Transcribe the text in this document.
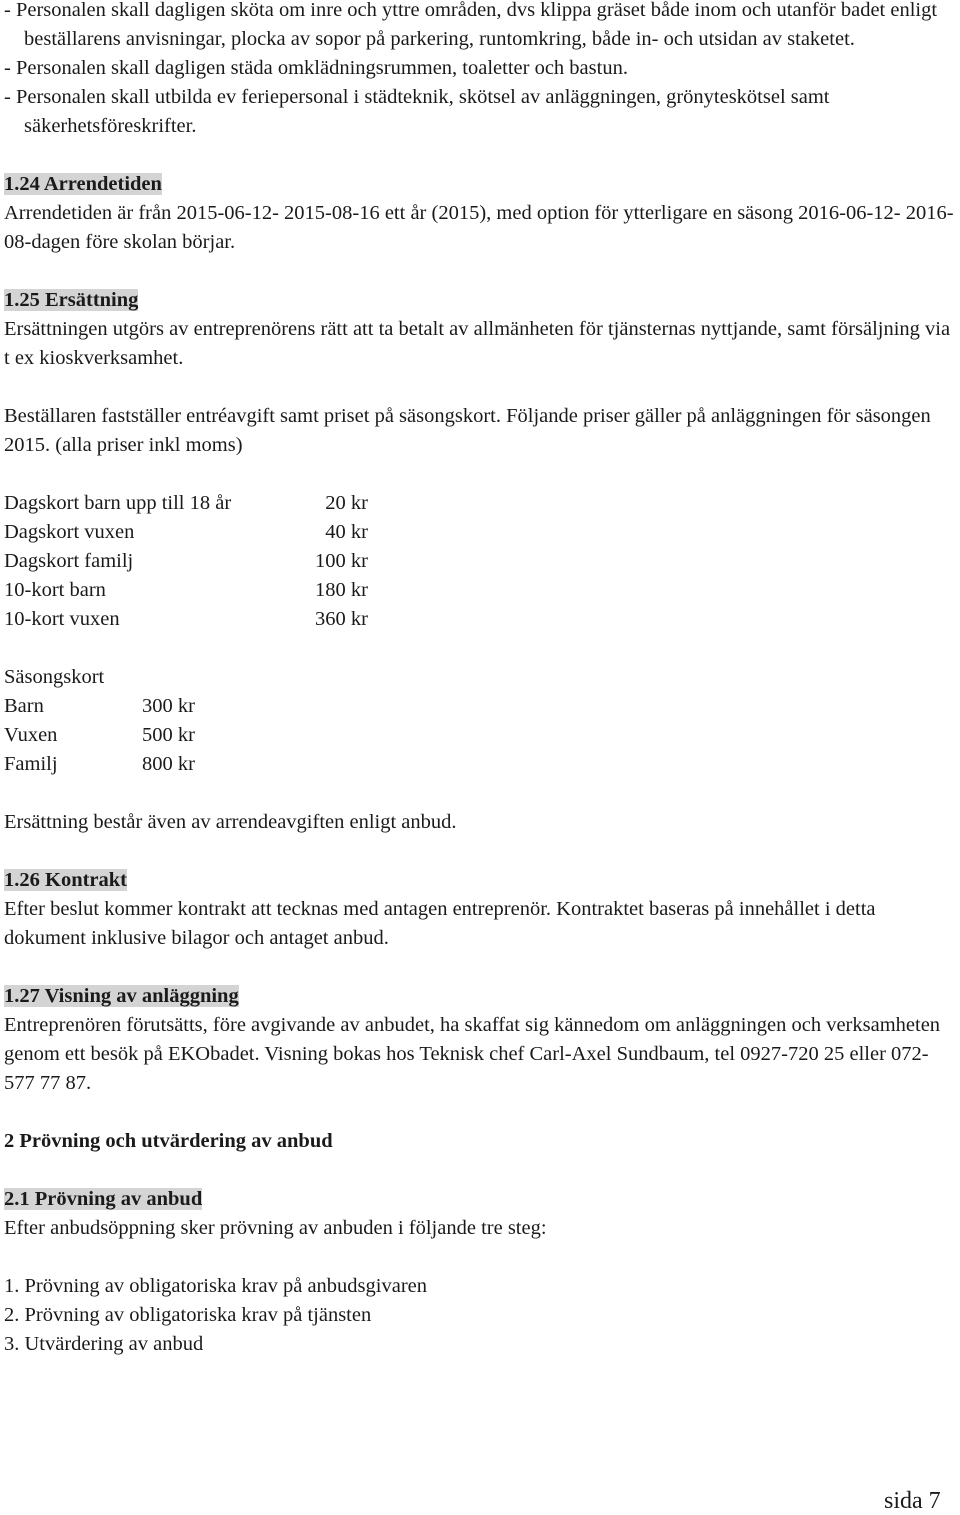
- Personalen skall dagligen sköta om inre och yttre områden, dvs klippa gräset både inom och utanför badet enligt beställarens anvisningar, plocka av sopor på parkering, runtomkring, både in- och utsidan av staketet.

- Personalen skall dagligen städa omklädningsrummen, toaletter och bastun.

- Personalen skall utbilda ev feriepersonal i städteknik, skötsel av anläggningen, grönyteskötsel samt säkerhetsföreskrifter.

1.24 Arrendetiden

Arrendetiden är från 2015-06-12- 2015-08-16 ett år (2015), med option för ytterligare en säsong 2016-06-12- 2016-08-dagen före skolan börjar.

1.25 Ersättning

Ersättningen utgörs av entreprenörens rätt att ta betalt av allmänheten för tjänsternas nyttjande, samt försäljning via t ex kioskverksamhet.

Beställaren fastställer entréavgift samt priset på säsongskort. Följande priser gäller på anläggningen för säsongen 2015. (alla priser inkl moms)

Dagskort barn upp till 18 år	20 kr
Dagskort vuxen	40 kr
Dagskort familj	100 kr
10-kort barn	180 kr
10-kort vuxen	360 kr

Säsongskort

Barn	300 kr
Vuxen	500 kr
Familj	800 kr

Ersättning består även av arrendeavgiften enligt anbud.

1.26 Kontrakt

Efter beslut kommer kontrakt att tecknas med antagen entreprenör. Kontraktet baseras på innehållet i detta dokument inklusive bilagor och antaget anbud.

1.27 Visning av anläggning

Entreprenören förutsätts, före avgivande av anbudet, ha skaffat sig kännedom om anläggningen och verksamheten genom ett besök på EKObadet. Visning bokas hos Teknisk chef Carl-Axel Sundbaum, tel 0927-720 25 eller 072-577 77 87.

2 Prövning och utvärdering av anbud
2.1 Prövning av anbud

Efter anbudsöppning sker prövning av anbuden i följande tre steg:

1. Prövning av obligatoriska krav på anbudsgivaren

2. Prövning av obligatoriska krav på tjänsten

3. Utvärdering av anbud

sida 7
